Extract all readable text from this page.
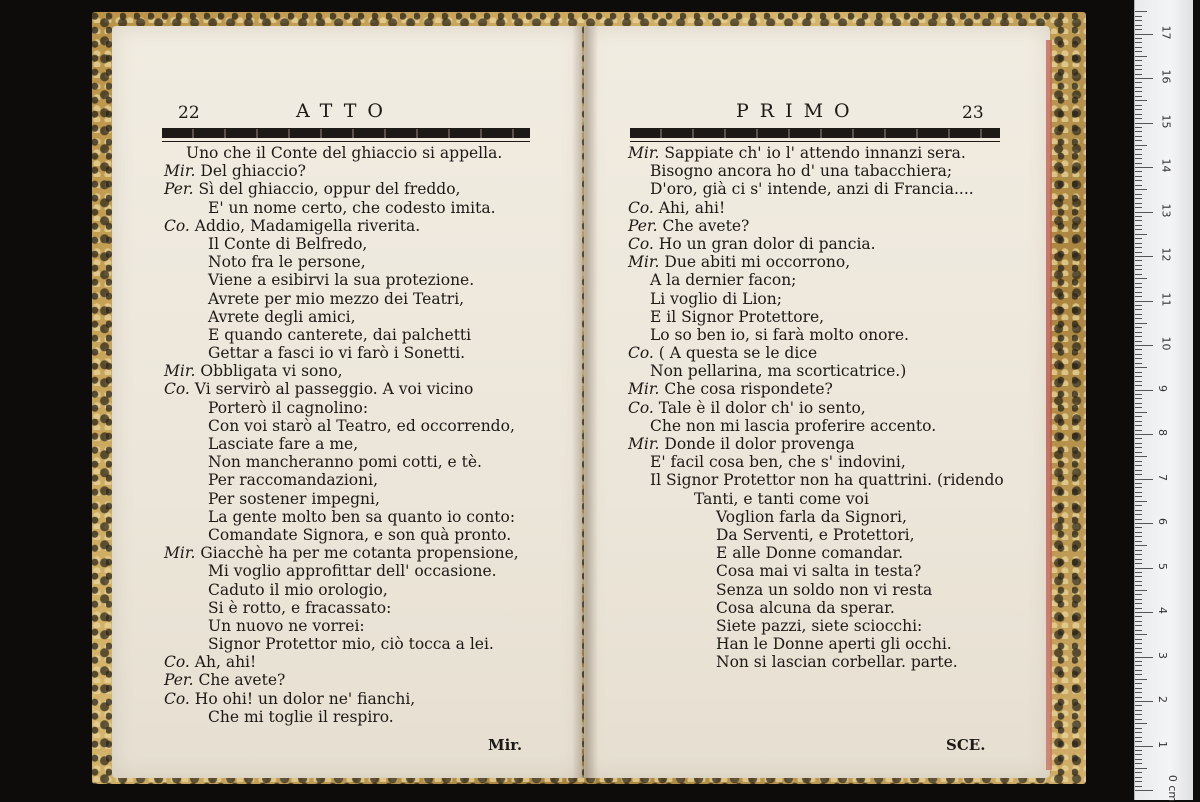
22	ATTO
Uno che il Conte del ghiaccio si appella.
Mir. Del ghiaccio?
Per. Sì del ghiaccio, oppur del freddo,
E' un nome certo, che codesto imita.
Co. Addio, Madamigella riverita.
Il Conte di Belfredo,
Noto fra le persone,
Viene a esibirvi la sua protezione.
Avrete per mio mezzo dei Teatri,
Avrete degli amici,
E quando canterete, dai palchetti
Gettar a fasci io vi farò i Sonetti.
Mir. Obbligata vi sono,
Co. Vi servirò al passeggio. A voi vicino
Porterò il cagnolino:
Con voi starò al Teatro, ed occorrendo,
Lasciate fare a me,
Non mancheranno pomi cotti, e tè.
Per raccomandazioni,
Per sostener impegni,
La gente molto ben sa quanto io conto:
Comandate Signora, e son quà pronto.
Mir. Giacchè ha per me cotanta propensione,
Mi voglio approfittar dell' occasione.
Caduto il mio orologio,
Si è rotto, e fracassato:
Un nuovo ne vorrei:
Signor Protettor mio, ciò tocca a lei.
Co. Ah, ahi!
Per. Che avete?
Co. Ho ohi! un dolor ne' fianchi,
Che mi toglie il respiro.
Mir.
PRIMO	23
Mir. Sappiate ch' io l' attendo innanzi sera.
Bisogno ancora ho d' una tabacchiera;
D'oro, già ci s' intende, anzi di Francia....
Co. Ahi, ahi!
Per. Che avete?
Co. Ho un gran dolor di pancia.
Mir. Due abiti mi occorrono,
A la dernier facon;
Li voglio di Lion;
E il Signor Protettore,
Lo so ben io, si farà molto onore.
Co. ( A questa se le dice
Non pellarina, ma scorticatrice.)
Mir. Che cosa rispondete?
Co. Tale è il dolor ch' io sento,
Che non mi lascia proferire accento.
Mir. Donde il dolor provenga
E' facil cosa ben, che s' indovini,
Il Signor Protettor non ha quattrini. (ridendo
Tanti, e tanti come voi
Voglion farla da Signori,
Da Serventi, e Protettori,
E alle Donne comandar.
Cosa mai vi salta in testa?
Senza un soldo non vi resta
Cosa alcuna da sperar.
Siete pazzi, siete sciocchi:
Han le Donne aperti gli occhi.
Non si lascian corbellar. parte.
SCE.
0 cm
1
2
3
4
5
6
7
8
9
10
11
12
13
14
15
16
17
